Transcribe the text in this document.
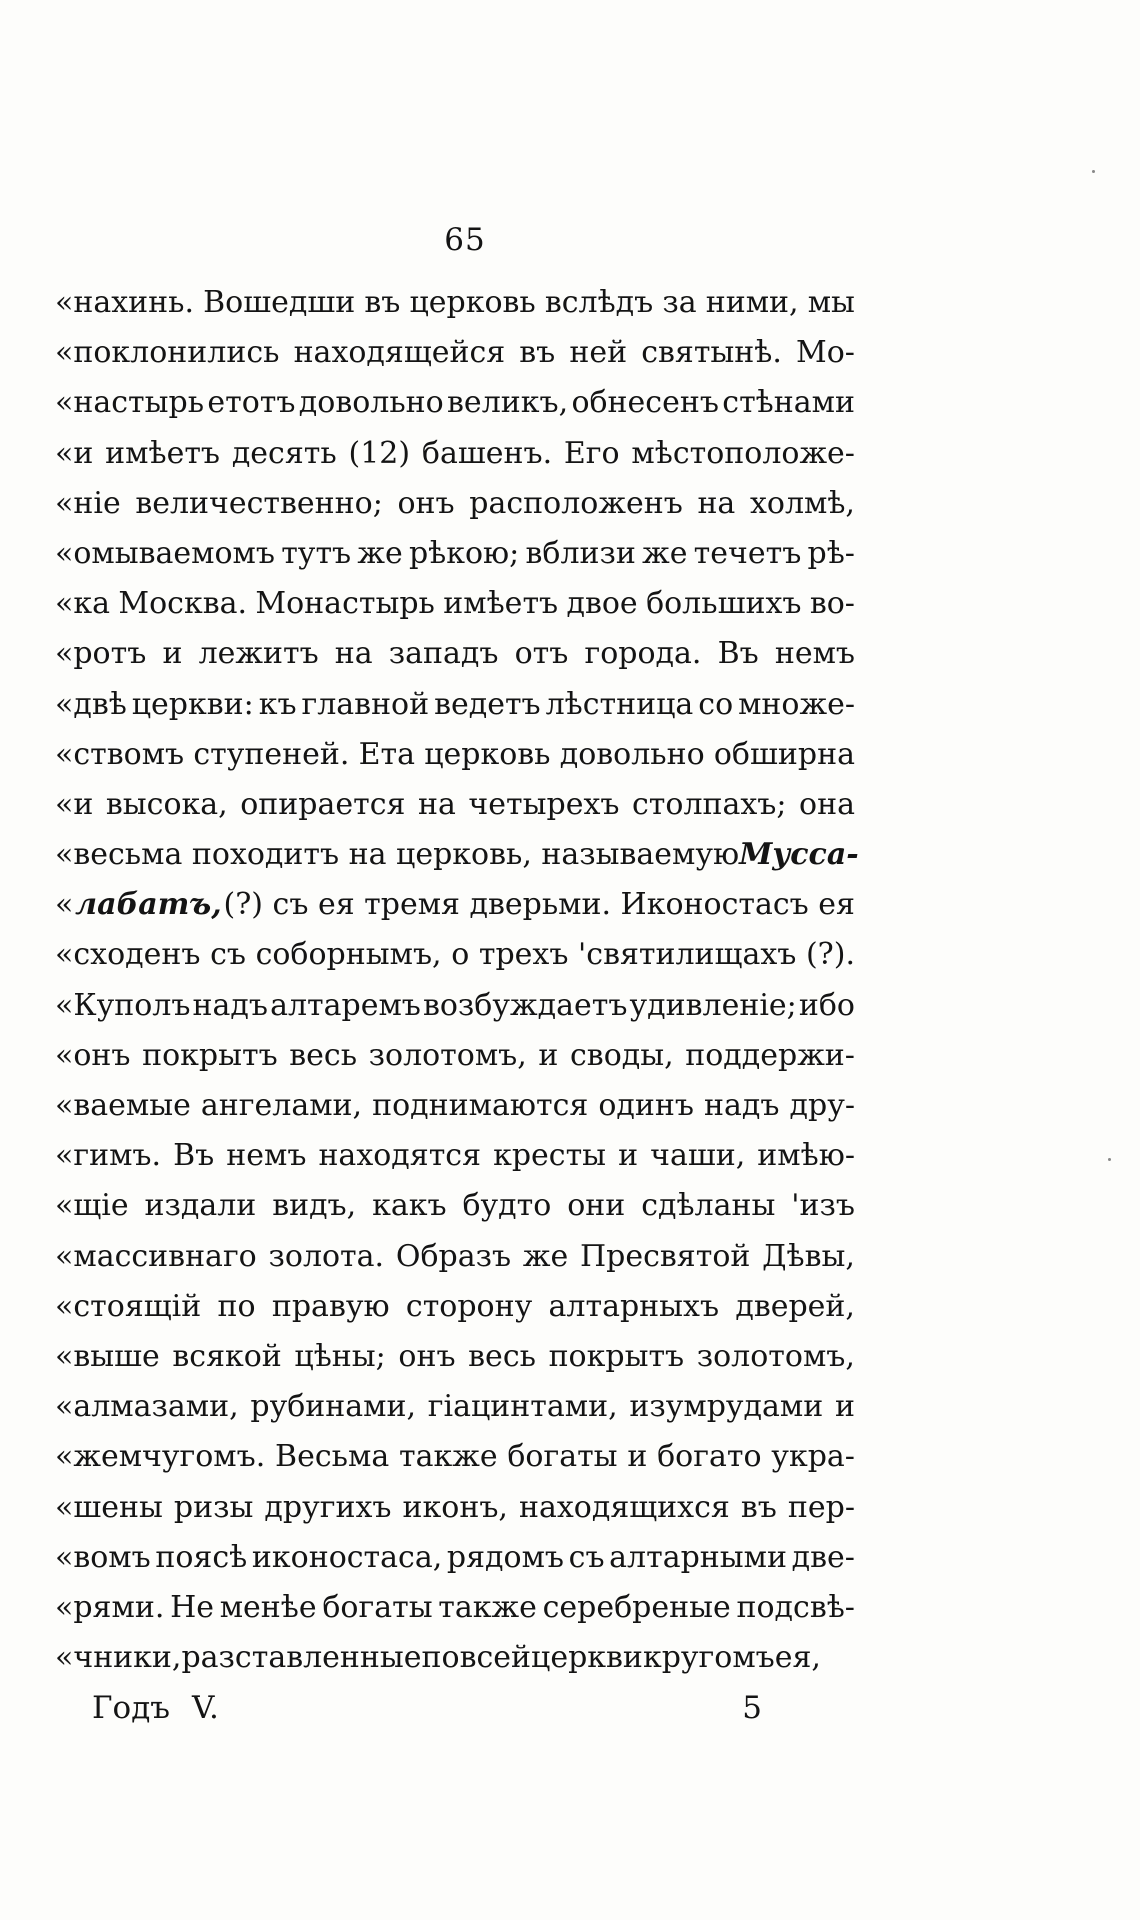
65
«нахинь. Вошедши въ церковь вслѣдъ за ними, мы
«поклонились находящейся въ ней святынѣ. Мо-
«настырь етотъ довольно великъ, обнесенъ стѣнами
«и имѣетъ десять (12) башенъ. Его мѣстоположе-
«ніе величественно; онъ расположенъ на холмѣ,
«омываемомъ тутъ же рѣкою; вблизи же течетъ рѣ-
«ка Москва. Монастырь имѣетъ двое большихъ во-
«ротъ и лежитъ на западъ отъ города. Въ немъ
«двѣ церкви: къ главной ведетъ лѣстница со множе-
«ствомъ ступеней. Ета церковь довольно обширна
«и высока, опирается на четырехъ столпахъ; она
«весьма походитъ на церковь, называемую Мусса-
« лабатъ, (?) съ ея тремя дверьми. Иконостасъ ея
«сходенъ съ соборнымъ, о трехъ 'святилищахъ (?).
«Куполъ надъ алтаремъ возбуждаетъ удивленіе; ибо
«онъ покрытъ весь золотомъ, и своды, поддержи-
«ваемые ангелами, поднимаются одинъ надъ дру-
«гимъ. Въ немъ находятся кресты и чаши, имѣю-
«щіе издали видъ, какъ будто они сдѣланы 'изъ
«массивнаго золота. Образъ же Пресвятой Дѣвы,
«стоящій по правую сторону алтарныхъ дверей,
«выше всякой цѣны; онъ весь покрытъ золотомъ,
«алмазами, рубинами, гіацинтами, изумрудами и
«жемчугомъ. Весьма также богаты и богато укра-
«шены ризы другихъ иконъ, находящихся въ пер-
«вомъ поясѣ иконостаса, рядомъ съ алтарными две-
«рями. Не менѣе богаты также серебреные подсвѣ-
«чники, разставленные по всей церкви кругомъ ея,
Годъ V.	5
